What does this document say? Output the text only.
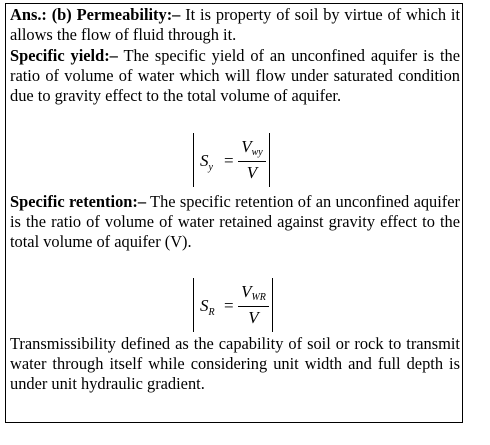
Ans.: (b) Permeability:– It is property of soil by virtue of which it allows the flow of fluid through it.

Specific yield:– The specific yield of an unconfined aquifer is the ratio of volume of water which will flow under saturated condition due to gravity effect to the total volume of aquifer.

$S_y$ =
$V_{wy}$
V

Specific retention:– The specific retention of an unconfined aquifer is the ratio of volume of water retained against gravity effect to the total volume of aquifer (V).

$S_R$ =
$V_{WR}$
V

Transmissibility defined as the capability of soil or rock to transmit water through itself while considering unit width and full depth is under unit hydraulic gradient.
